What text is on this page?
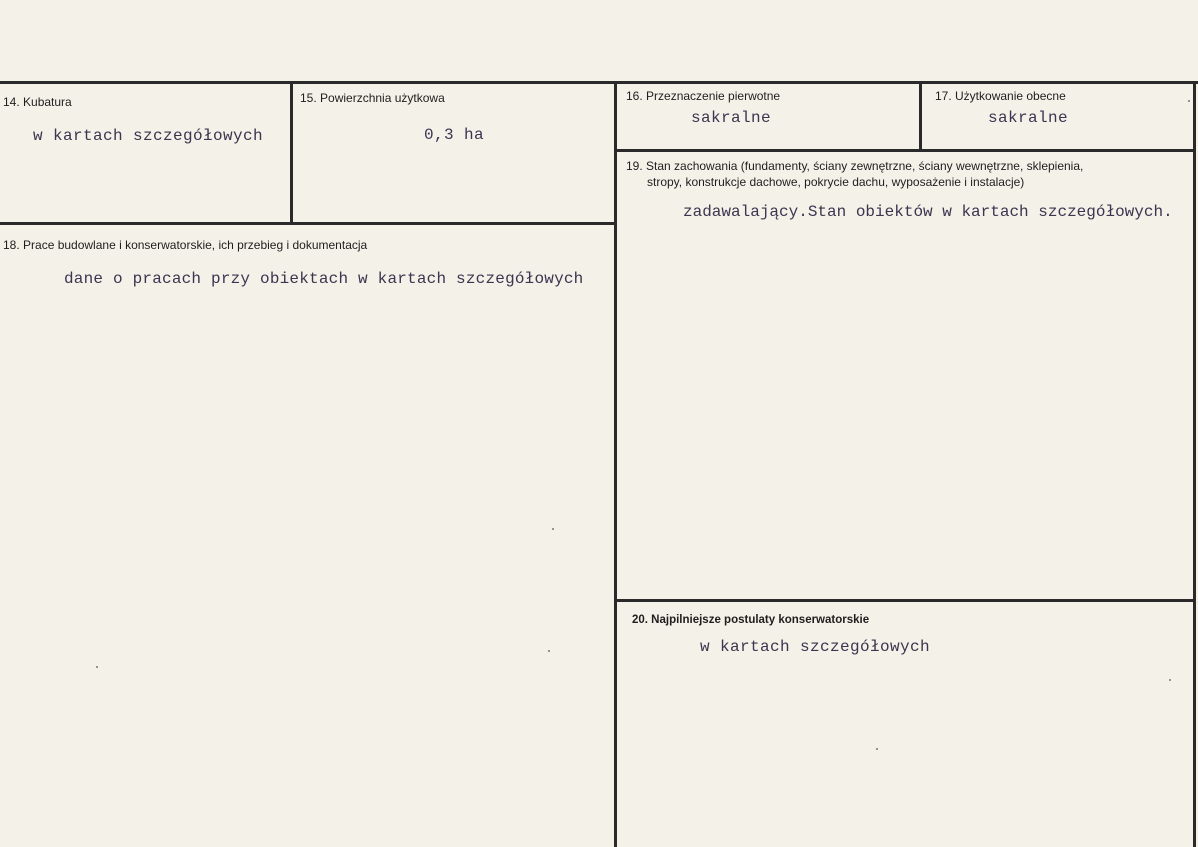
14. Kubatura
w kartach szczegółowych
15. Powierzchnia użytkowa
0,3 ha
16. Przeznaczenie pierwotne
sakralne
17. Użytkowanie obecne
sakralne
18. Prace budowlane i konserwatorskie, ich przebieg i dokumentacja
dane o pracach przy obiektach w kartach szczegółowych
19. Stan zachowania (fundamenty, ściany zewnętrzne, ściany wewnętrzne, sklepienia,
stropy, konstrukcje dachowe, pokrycie dachu, wyposażenie i instalacje)
zadawalający.Stan obiektów w kartach szczegółowych.
20. Najpilniejsze postulaty konserwatorskie
w kartach szczegółowych
